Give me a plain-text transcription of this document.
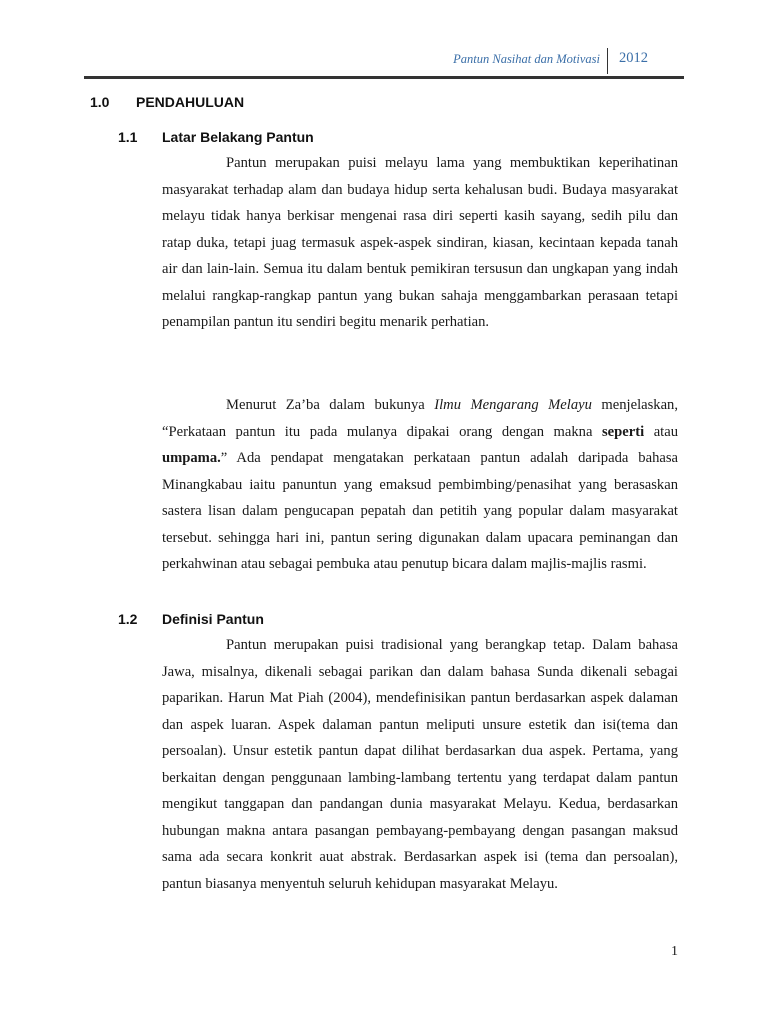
Pantun Nasihat dan Motivasi 2012
1.0 PENDAHULUAN
1.1 Latar Belakang Pantun

Pantun merupakan puisi melayu lama yang membuktikan keperihatinan masyarakat terhadap alam dan budaya hidup serta kehalusan budi. Budaya masyarakat melayu tidak hanya berkisar mengenai rasa diri seperti kasih sayang, sedih pilu dan ratap duka, tetapi juag termasuk aspek-aspek sindiran, kiasan, kecintaan kepada tanah air dan lain-lain. Semua itu dalam bentuk pemikiran tersusun dan ungkapan yang indah melalui rangkap-rangkap pantun yang bukan sahaja menggambarkan perasaan tetapi penampilan pantun itu sendiri begitu menarik perhatian.

Menurut Za’ba dalam bukunya Ilmu Mengarang Melayu menjelaskan, “Perkataan pantun itu pada mulanya dipakai orang dengan makna seperti atau umpama.” Ada pendapat mengatakan perkataan pantun adalah daripada bahasa Minangkabau iaitu panuntun yang emaksud pembimbing/penasihat yang berasaskan sastera lisan dalam pengucapan pepatah dan petitih yang popular dalam masyarakat tersebut. sehingga hari ini, pantun sering digunakan dalam upacara peminangan dan perkahwinan atau sebagai pembuka atau penutup bicara dalam majlis-majlis rasmi.

1.2 Definisi Pantun

Pantun merupakan puisi tradisional yang berangkap tetap. Dalam bahasa Jawa, misalnya, dikenali sebagai parikan dan dalam bahasa Sunda dikenali sebagai paparikan. Harun Mat Piah (2004), mendefinisikan pantun berdasarkan aspek dalaman dan aspek luaran. Aspek dalaman pantun meliputi unsure estetik dan isi(tema dan persoalan). Unsur estetik pantun dapat dilihat berdasarkan dua aspek. Pertama, yang berkaitan dengan penggunaan lambing-lambang tertentu yang terdapat dalam pantun mengikut tanggapan dan pandangan dunia masyarakat Melayu. Kedua, berdasarkan hubungan makna antara pasangan pembayang-pembayang dengan pasangan maksud sama ada secara konkrit auat abstrak. Berdasarkan aspek isi (tema dan persoalan), pantun biasanya menyentuh seluruh kehidupan masyarakat Melayu.

1
